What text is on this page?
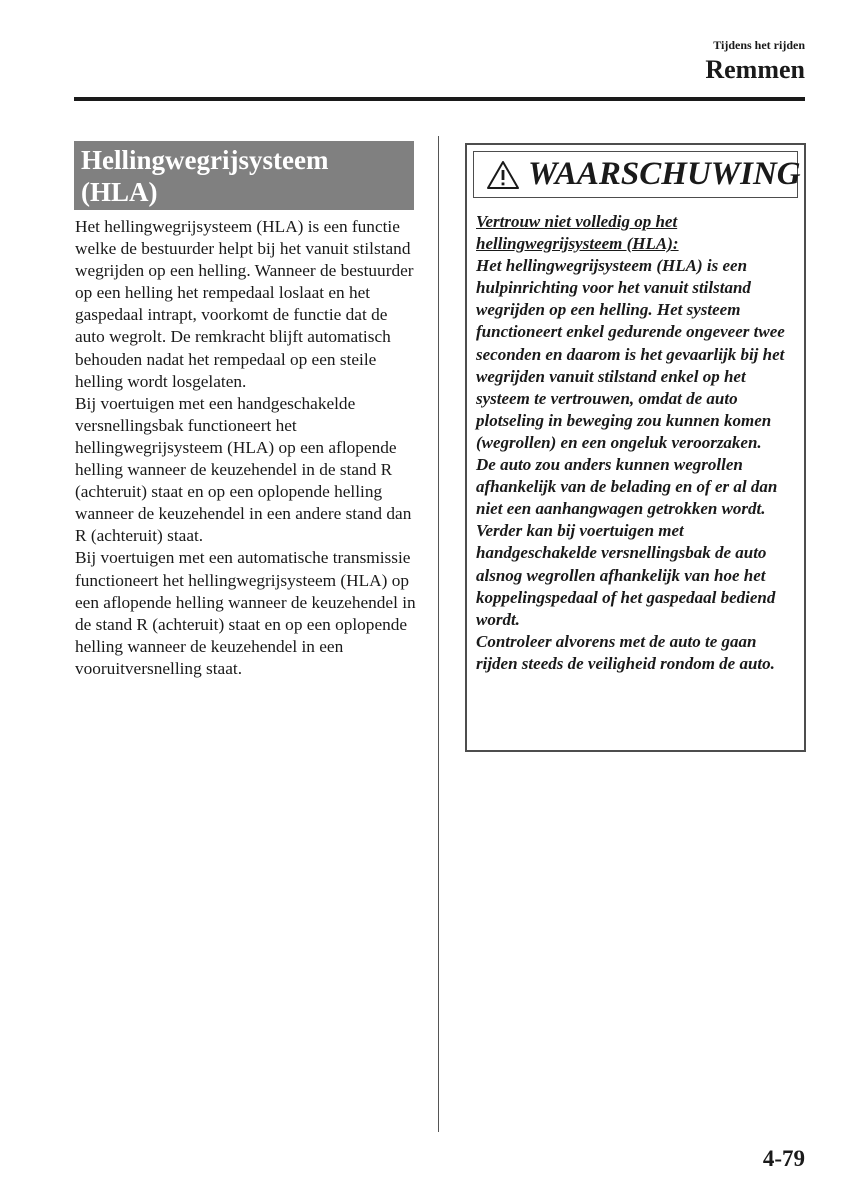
Tijdens het rijden
Remmen
Hellingwegrijsysteem (HLA)

Het hellingwegrijsysteem (HLA) is een functie welke de bestuurder helpt bij het vanuit stilstand wegrijden op een helling. Wanneer de bestuurder op een helling het rempedaal loslaat en het gaspedaal intrapt, voorkomt de functie dat de auto wegrolt. De remkracht blijft automatisch behouden nadat het rempedaal op een steile helling wordt losgelaten.
Bij voertuigen met een handgeschakelde versnellingsbak functioneert het hellingwegrijsysteem (HLA) op een aflopende helling wanneer de keuzehendel in de stand R (achteruit) staat en op een oplopende helling wanneer de keuzehendel in een andere stand dan R (achteruit) staat.
Bij voertuigen met een automatische transmissie functioneert het hellingwegrijsysteem (HLA) op een aflopende helling wanneer de keuzehendel in de stand R (achteruit) staat en op een oplopende helling wanneer de keuzehendel in een vooruitversnelling staat.

WAARSCHUWING

Vertrouw niet volledig op het hellingwegrijsysteem (HLA):

Het hellingwegrijsysteem (HLA) is een hulpinrichting voor het vanuit stilstand wegrijden op een helling. Het systeem functioneert enkel gedurende ongeveer twee seconden en daarom is het gevaarlijk bij het wegrijden vanuit stilstand enkel op het systeem te vertrouwen, omdat de auto plotseling in beweging zou kunnen komen (wegrollen) en een ongeluk veroorzaken.
De auto zou anders kunnen wegrollen afhankelijk van de belading en of er al dan niet een aanhangwagen getrokken wordt. Verder kan bij voertuigen met handgeschakelde versnellingsbak de auto alsnog wegrollen afhankelijk van hoe het koppelingspedaal of het gaspedaal bediend wordt.
Controleer alvorens met de auto te gaan rijden steeds de veiligheid rondom de auto.

4-79
